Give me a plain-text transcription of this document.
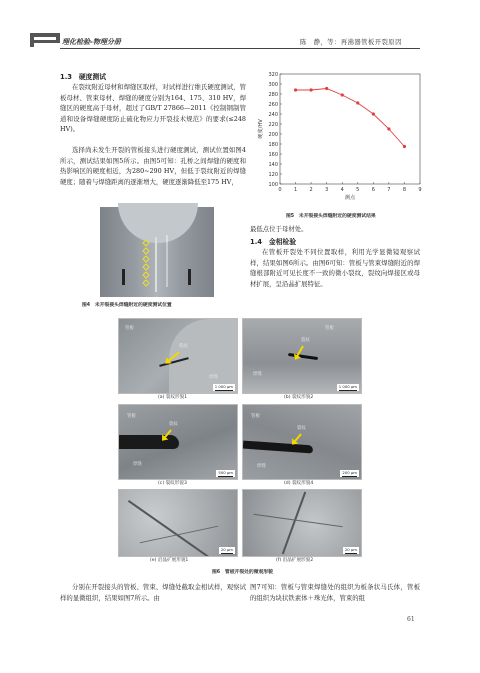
理化检验-物理分册	陈　静，等：再沸器管板开裂原因
1.3　硬度测试
在裂纹附近母材和焊缝区取样，对试样进行维氏硬度测试，管板母材、管束母材、焊缝的硬度分别为164、175、310 HV，焊缝区的硬度高于母材，超过了GB/T 27866—2011《控制钢制管道和设备焊缝硬度防止硫化物应力开裂技术规范》的要求(≤248 HV)。
选择尚未发生开裂的管板接头进行硬度测试，测试位置如图4所示，测试结果如图5所示。由图5可知：孔桥之间焊缝的硬度和热影响区的硬度相近，为280~290 HV，但低于裂纹附近的焊缝硬度；随着与焊缝距离的逐渐增大，硬度逐渐降低至175 HV，
图4　未开裂接头焊缝附近的硬度测试位置
0 1 2 3 4 5 6 7 8 9
100
120
140
160
180
200
220
240
260
280
300
320
测点
硬度/HV
图5　未开裂接头焊缝附近的硬度测试结果
最低点位于母材处。
1.4　金相检验
在管板开裂处不同位置取样，利用光学显微镜观察试样，结果如图6所示。由图6可知：管板与管束焊缝附近的焊缝根部附近可见长度不一致的微小裂纹，裂纹向焊接区或母材扩展，呈沿晶扩展特征。
管板
裂纹
焊缝
1 000 μm
(a) 裂纹形貌1
管板
裂纹
焊缝
1 000 μm
(b) 裂纹形貌2
管板
裂纹
焊缝
500 μm
(c) 裂纹形貌3
管板
裂纹
焊缝
200 μm
(d) 裂纹形貌4
20 μm
(e) 沿晶扩展形貌1
20 μm
(f) 沿晶扩展形貌2
图6　管板开裂处的微观形貌
分别在开裂接头的管板、管束、焊缝处截取金相试样，观察试样的显微组织，结果如图7所示。由
图7可知：管板与管束焊缝处的组织为板条状马氏体，管板的组织为块状铁素体＋珠光体，管束的组
61
